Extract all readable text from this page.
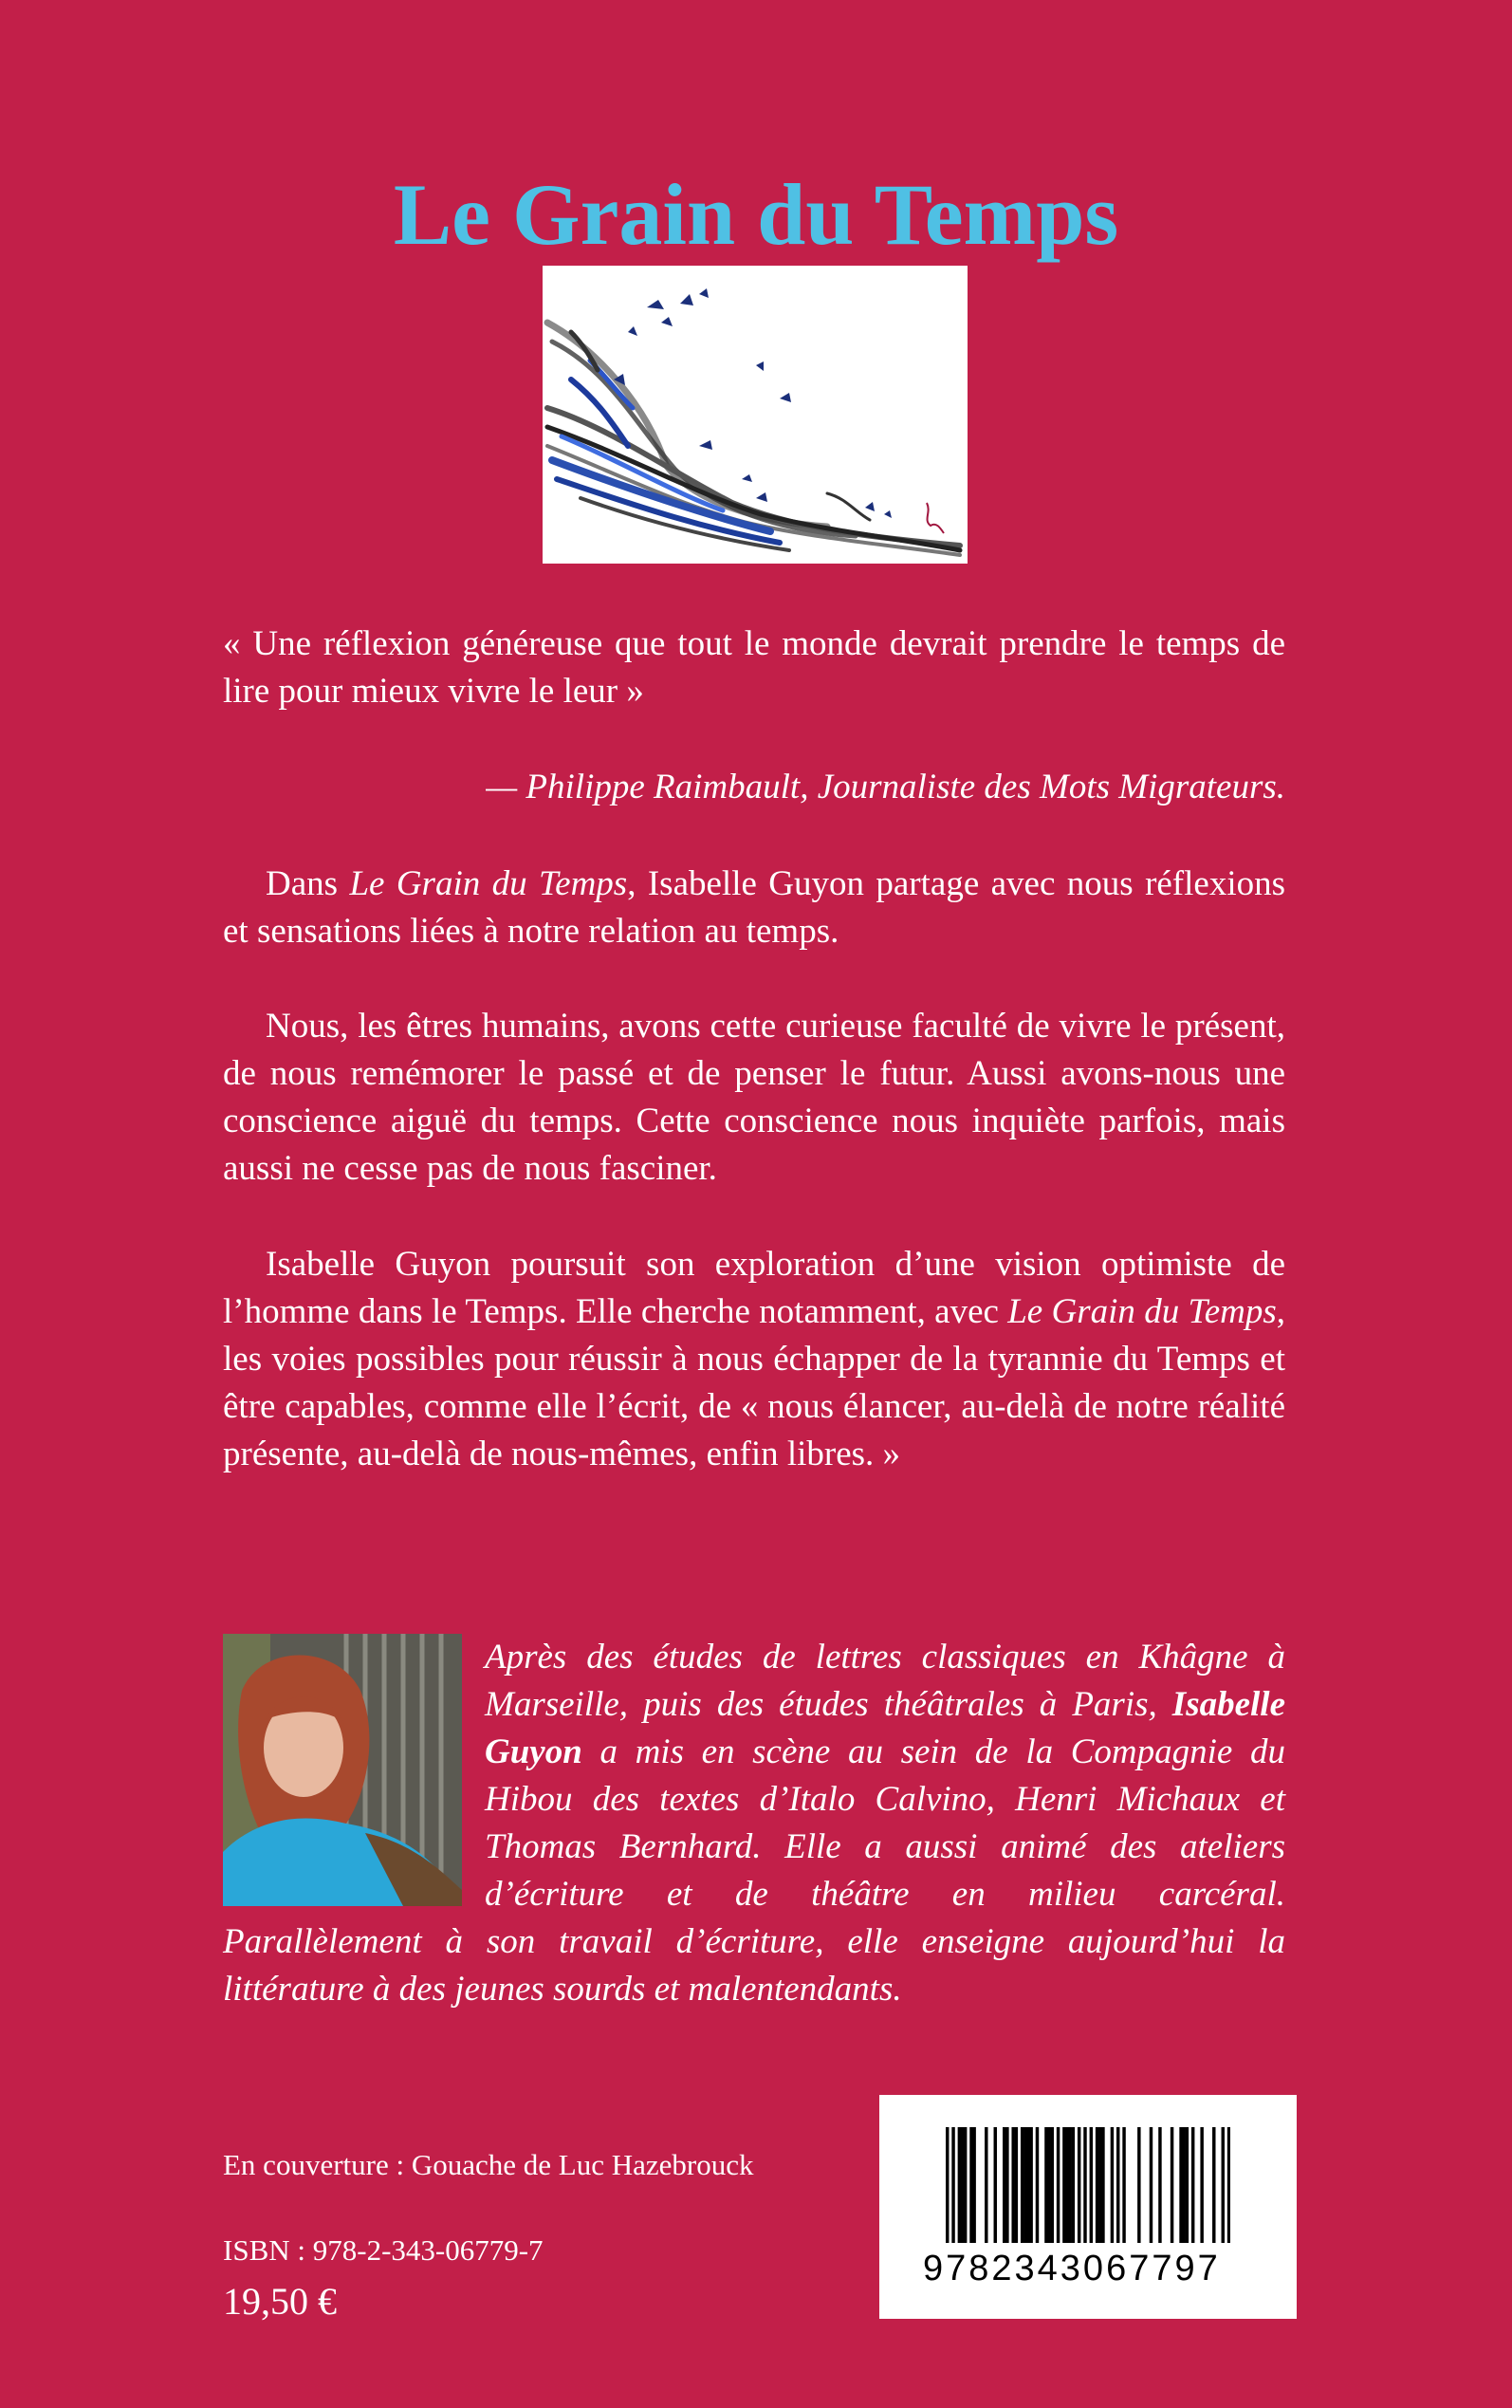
Le Grain du Temps

« Une réflexion généreuse que tout le monde devrait prendre le temps de lire pour mieux vivre le leur »

— Philippe Raimbault, Journaliste des Mots Migrateurs.

Dans Le Grain du Temps, Isabelle Guyon partage avec nous réflexions et sensations liées à notre relation au temps.

Nous, les êtres humains, avons cette curieuse faculté de vivre le présent, de nous remémorer le passé et de penser le futur. Aussi avons-nous une conscience aiguë du temps. Cette conscience nous inquiète parfois, mais aussi ne cesse pas de nous fasciner.

Isabelle Guyon poursuit son exploration d’une vision optimiste de l’homme dans le Temps. Elle cherche notamment, avec Le Grain du Temps, les voies possibles pour réussir à nous échapper de la tyrannie du Temps et être capables, comme elle l’écrit, de « nous élancer, au-delà de notre réalité présente, au-delà de nous-mêmes, enfin libres. »

Après des études de lettres classiques en Khâgne à Marseille, puis des études théâtrales à Paris, Isabelle Guyon a mis en scène au sein de la Compagnie du Hibou des textes d’Italo Calvino, Henri Michaux et Thomas Bernhard. Elle a aussi animé des ateliers d’écriture et de théâtre en milieu carcéral. Parallèlement à son travail d’écriture, elle enseigne aujourd’hui la littérature à des jeunes sourds et malentendants.
En couverture : Gouache de Luc Hazebrouck
ISBN : 978-2-343-06779-7
19,50 €
9782343067797
